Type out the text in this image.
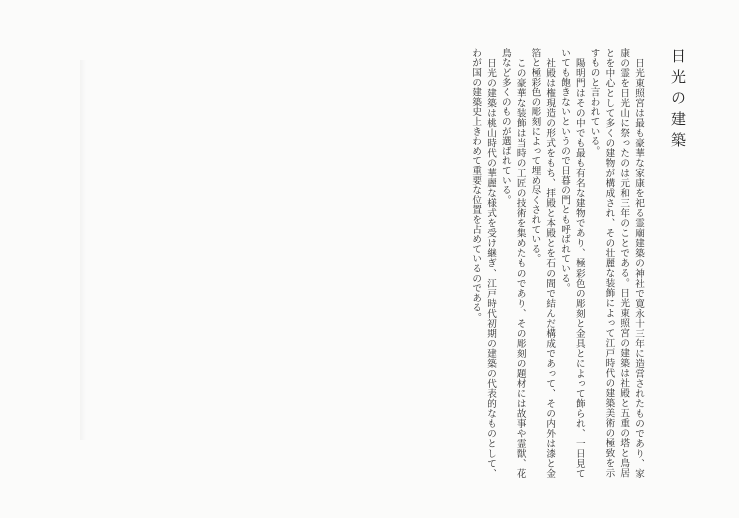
日光の建築

日光東照宮は最も豪華な家康を祀る霊廟建築の神社で寛永十三年に造営されたものであり、家康の霊を日光山に祭ったのは元和三年のことである。日光東照宮の建築は社殿と五重の塔と鳥居とを中心として多くの建物が構成され、その壮麗な装飾によって江戸時代の建築美術の極致を示すものと言われている。

陽明門はその中でも最も有名な建物であり、極彩色の彫刻と金具とによって飾られ、一日見ていても飽きないというので日暮の門とも呼ばれている。

社殿は権現造の形式をもち、拝殿と本殿とを石の間で結んだ構成であって、その内外は漆と金箔と極彩色の彫刻によって埋め尽くされている。

この豪華な装飾は当時の工匠の技術を集めたものであり、その彫刻の題材には故事や霊獣、花鳥など多くのものが選ばれている。

日光の建築は桃山時代の華麗な様式を受け継ぎ、江戸時代初期の建築の代表的なものとして、わが国の建築史上きわめて重要な位置を占めているのである。
